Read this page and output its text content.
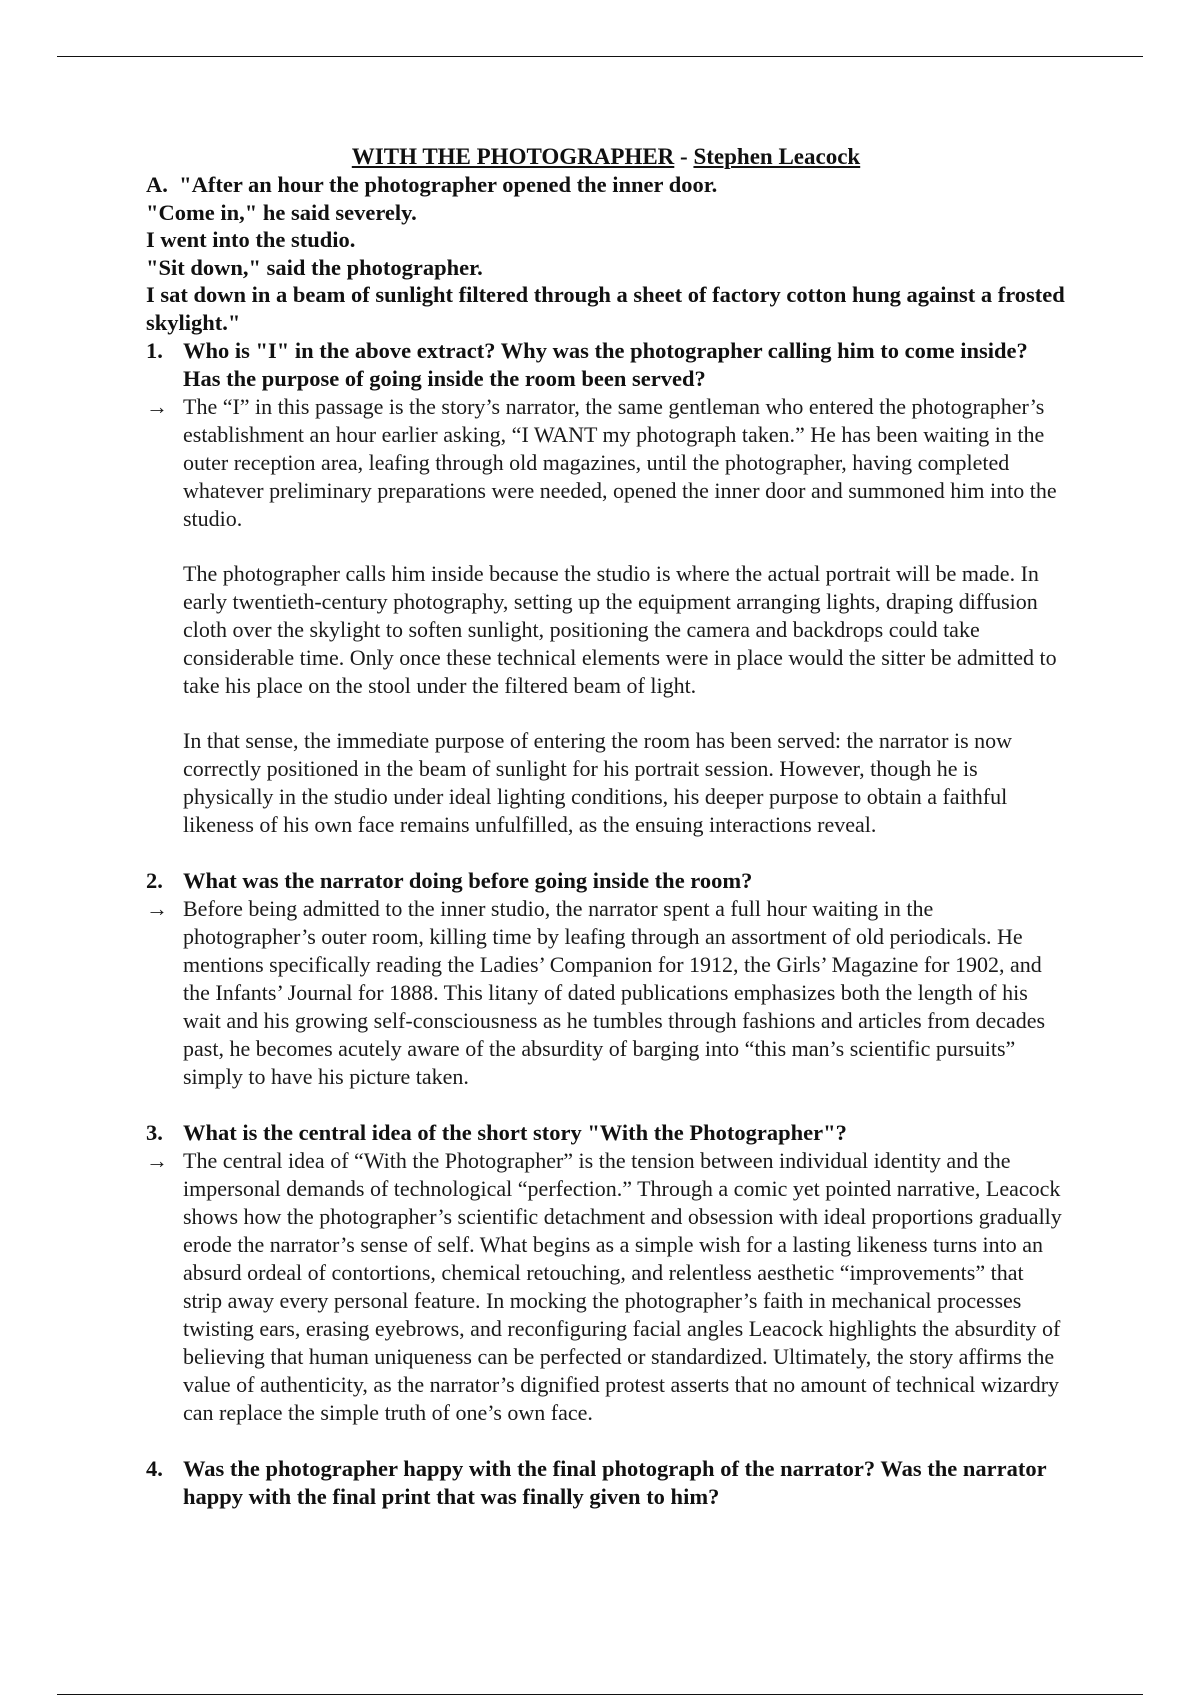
WITH THE PHOTOGRAPHER - Stephen Leacock
A. "After an hour the photographer opened the inner door.
"Come in," he said severely.
I went into the studio.
"Sit down," said the photographer.
I sat down in a beam of sunlight filtered through a sheet of factory cotton hung against a frosted skylight."
1. Who is "I" in the above extract? Why was the photographer calling him to come inside? Has the purpose of going inside the room been served?
→ The “I” in this passage is the story’s narrator, the same gentleman who entered the photographer’s establishment an hour earlier asking, “I WANT my photograph taken.” He has been waiting in the outer reception area, leafing through old magazines, until the photographer, having completed whatever preliminary preparations were needed, opened the inner door and summoned him into the studio.

The photographer calls him inside because the studio is where the actual portrait will be made. In early twentieth-century photography, setting up the equipment arranging lights, draping diffusion cloth over the skylight to soften sunlight, positioning the camera and backdrops could take considerable time. Only once these technical elements were in place would the sitter be admitted to take his place on the stool under the filtered beam of light.

In that sense, the immediate purpose of entering the room has been served: the narrator is now correctly positioned in the beam of sunlight for his portrait session. However, though he is physically in the studio under ideal lighting conditions, his deeper purpose to obtain a faithful likeness of his own face remains unfulfilled, as the ensuing interactions reveal.

2. What was the narrator doing before going inside the room?
→ Before being admitted to the inner studio, the narrator spent a full hour waiting in the photographer’s outer room, killing time by leafing through an assortment of old periodicals. He mentions specifically reading the Ladies’ Companion for 1912, the Girls’ Magazine for 1902, and the Infants’ Journal for 1888. This litany of dated publications emphasizes both the length of his wait and his growing self-consciousness as he tumbles through fashions and articles from decades past, he becomes acutely aware of the absurdity of barging into “this man’s scientific pursuits” simply to have his picture taken.

3. What is the central idea of the short story "With the Photographer"?
→ The central idea of “With the Photographer” is the tension between individual identity and the impersonal demands of technological “perfection.” Through a comic yet pointed narrative, Leacock shows how the photographer’s scientific detachment and obsession with ideal proportions gradually erode the narrator’s sense of self. What begins as a simple wish for a lasting likeness turns into an absurd ordeal of contortions, chemical retouching, and relentless aesthetic “improvements” that strip away every personal feature. In mocking the photographer’s faith in mechanical processes twisting ears, erasing eyebrows, and reconfiguring facial angles Leacock highlights the absurdity of believing that human uniqueness can be perfected or standardized. Ultimately, the story affirms the value of authenticity, as the narrator’s dignified protest asserts that no amount of technical wizardry can replace the simple truth of one’s own face.

4. Was the photographer happy with the final photograph of the narrator? Was the narrator happy with the final print that was finally given to him?
